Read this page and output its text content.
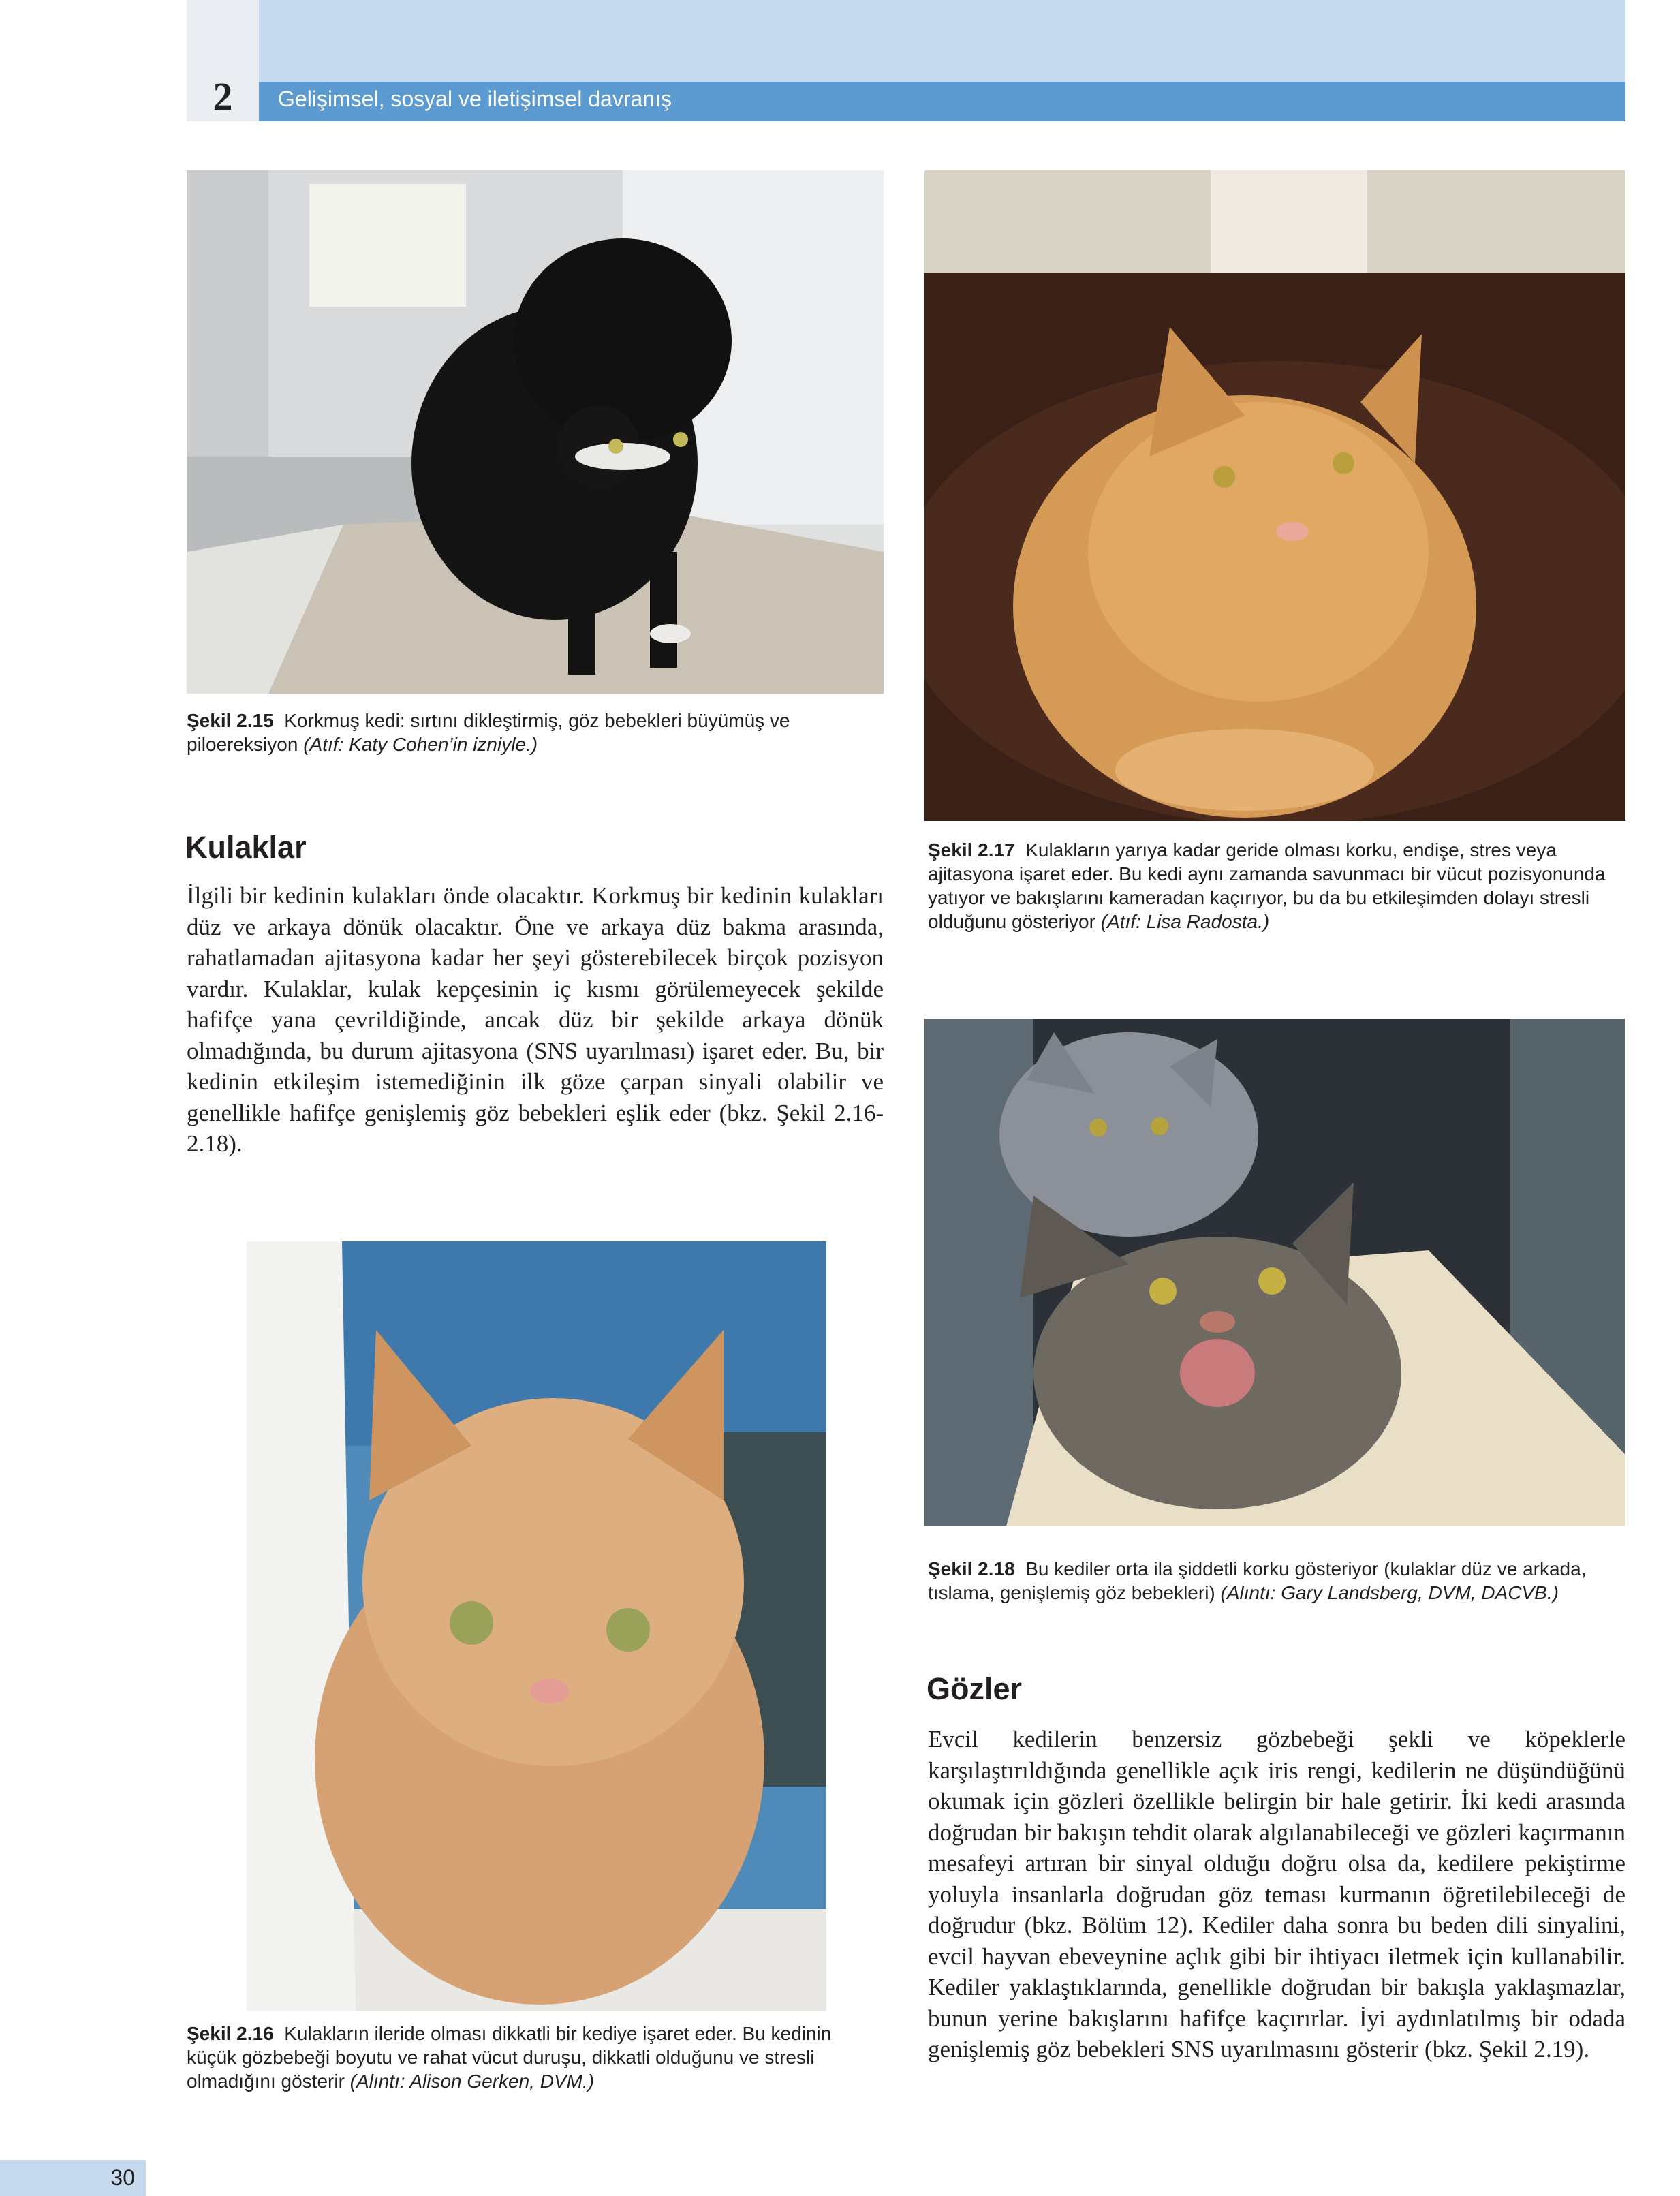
2	Gelişimsel, sosyal ve iletişimsel davranış
Şekil 2.15 Korkmuş kedi: sırtını dikleştirmiş, göz bebekleri büyümüş ve piloereksiyon (Atıf: Katy Cohen’in izniyle.)
Şekil 2.17 Kulakların yarıya kadar geride olması korku, endişe, stres veya ajitasyona işaret eder. Bu kedi aynı zamanda savunmacı bir vücut pozisyonunda yatıyor ve bakışlarını kameradan kaçırıyor, bu da bu etkileşimden dolayı stresli olduğunu gösteriyor (Atıf: Lisa Radosta.)
Kulaklar

İlgili bir kedinin kulakları önde olacaktır. Korkmuş bir kedinin kulakları düz ve arkaya dönük olacaktır. Öne ve arkaya düz bakma arasında, rahatlamadan ajitasyona kadar her şeyi gösterebilecek birçok pozisyon vardır. Kulaklar, kulak kepçesinin iç kısmı görülemeyecek şekilde hafifçe yana çevrildiğinde, ancak düz bir şekilde arkaya dönük olmadığında, bu durum ajitasyona (SNS uyarılması) işaret eder. Bu, bir kedinin etkileşim istemediğinin ilk göze çarpan sinyali olabilir ve genellikle hafifçe genişlemiş göz bebekleri eşlik eder (bkz. Şekil 2.16-2.18).

Şekil 2.18 Bu kediler orta ila şiddetli korku gösteriyor (kulaklar düz ve arkada, tıslama, genişlemiş göz bebekleri) (Alıntı: Gary Landsberg, DVM, DACVB.)
Gözler

Evcil kedilerin benzersiz gözbebeği şekli ve köpeklerle karşılaştırıldığında genellikle açık iris rengi, kedilerin ne düşündüğünü okumak için gözleri özellikle belirgin bir hale getirir. İki kedi arasında doğrudan bir bakışın tehdit olarak algılanabileceği ve gözleri kaçırmanın mesafeyi artıran bir sinyal olduğu doğru olsa da, kedilere pekiştirme yoluyla insanlarla doğrudan göz teması kurmanın öğretilebileceği de doğrudur (bkz. Bölüm 12). Kediler daha sonra bu beden dili sinyalini, evcil hayvan ebeveynine açlık gibi bir ihtiyacı iletmek için kullanabilir. Kediler yaklaştıklarında, genellikle doğrudan bir bakışla yaklaşmazlar, bunun yerine bakışlarını hafifçe kaçırırlar. İyi aydınlatılmış bir odada genişlemiş göz bebekleri SNS uyarılmasını gösterir (bkz. Şekil 2.19).

Şekil 2.16 Kulakların ileride olması dikkatli bir kediye işaret eder. Bu kedinin küçük gözbebeği boyutu ve rahat vücut duruşu, dikkatli olduğunu ve stresli olmadığını gösterir (Alıntı: Alison Gerken, DVM.)
30
